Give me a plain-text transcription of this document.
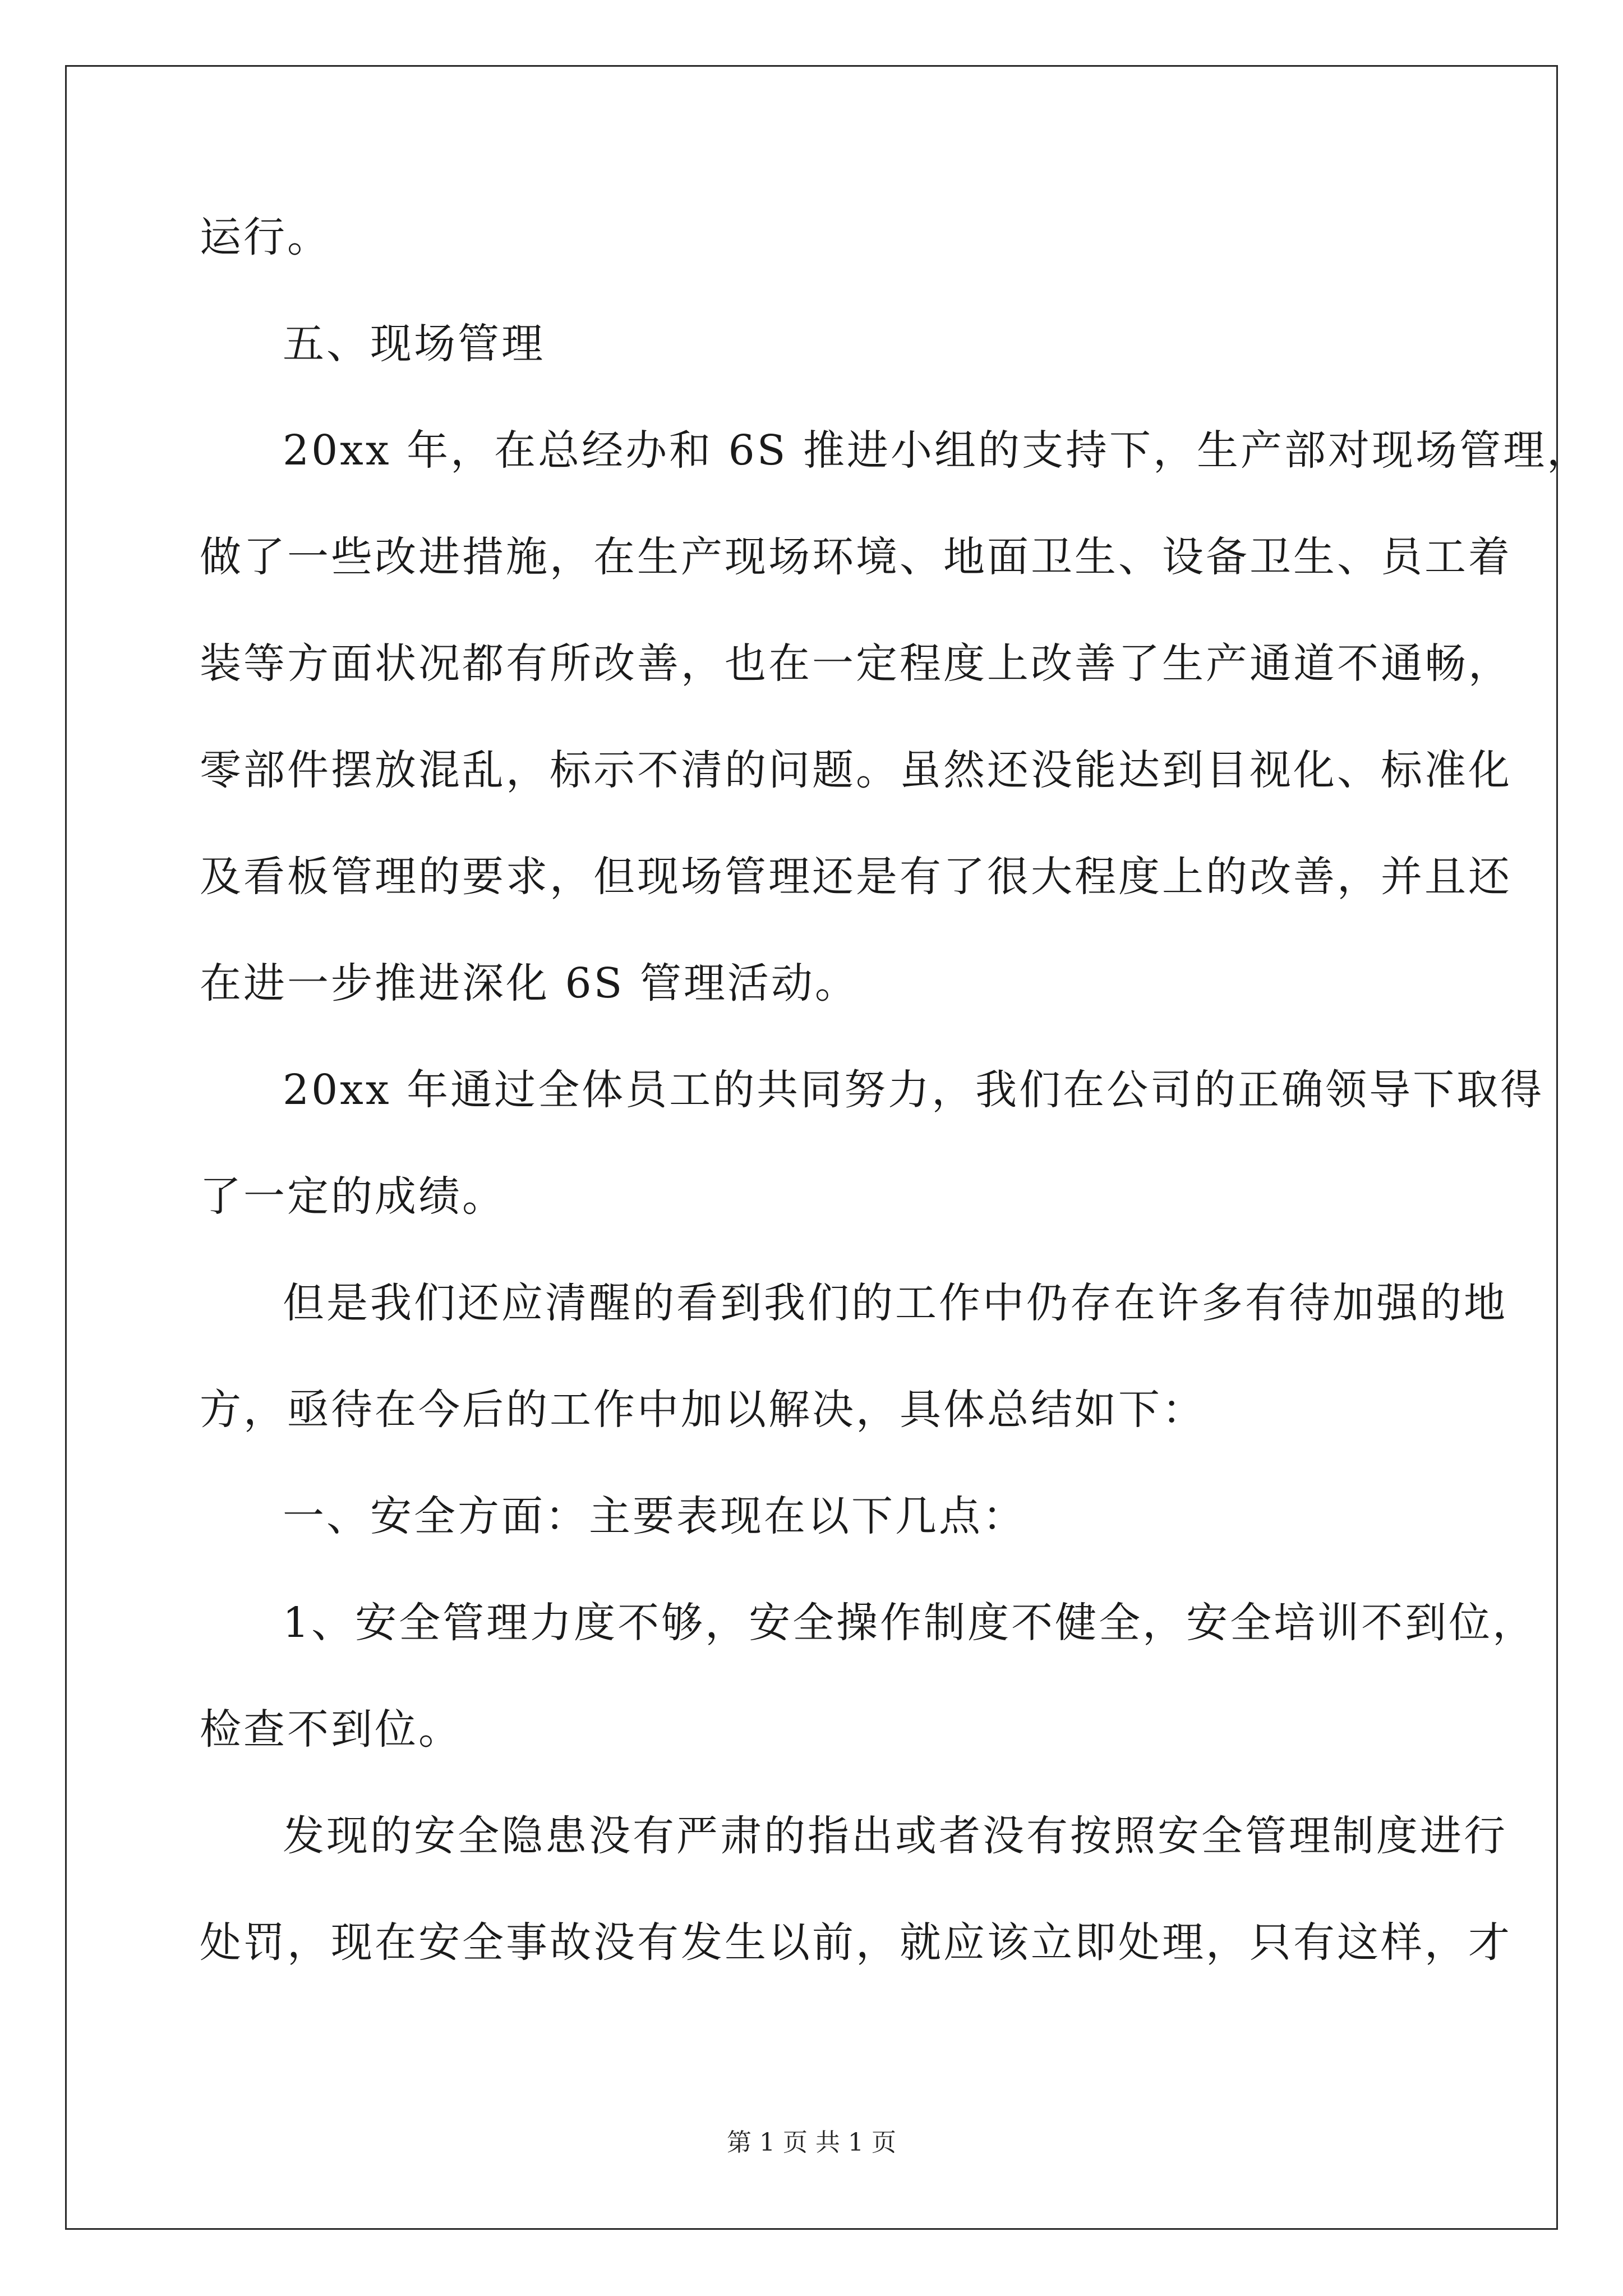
运行。
五、现场管理
20xx 年，在总经办和 6S 推进小组的支持下，生产部对现场管理，
做了一些改进措施，在生产现场环境、地面卫生、设备卫生、员工着
装等方面状况都有所改善，也在一定程度上改善了生产通道不通畅，
零部件摆放混乱，标示不清的问题。虽然还没能达到目视化、标准化
及看板管理的要求，但现场管理还是有了很大程度上的改善，并且还
在进一步推进深化 6S 管理活动。
20xx 年通过全体员工的共同努力，我们在公司的正确领导下取得
了一定的成绩。
但是我们还应清醒的看到我们的工作中仍存在许多有待加强的地
方，亟待在今后的工作中加以解决，具体总结如下：
一、安全方面：主要表现在以下几点：
1、安全管理力度不够，安全操作制度不健全，安全培训不到位，
检查不到位。
发现的安全隐患没有严肃的指出或者没有按照安全管理制度进行
处罚，现在安全事故没有发生以前，就应该立即处理，只有这样，才
第 1 页 共 1 页
